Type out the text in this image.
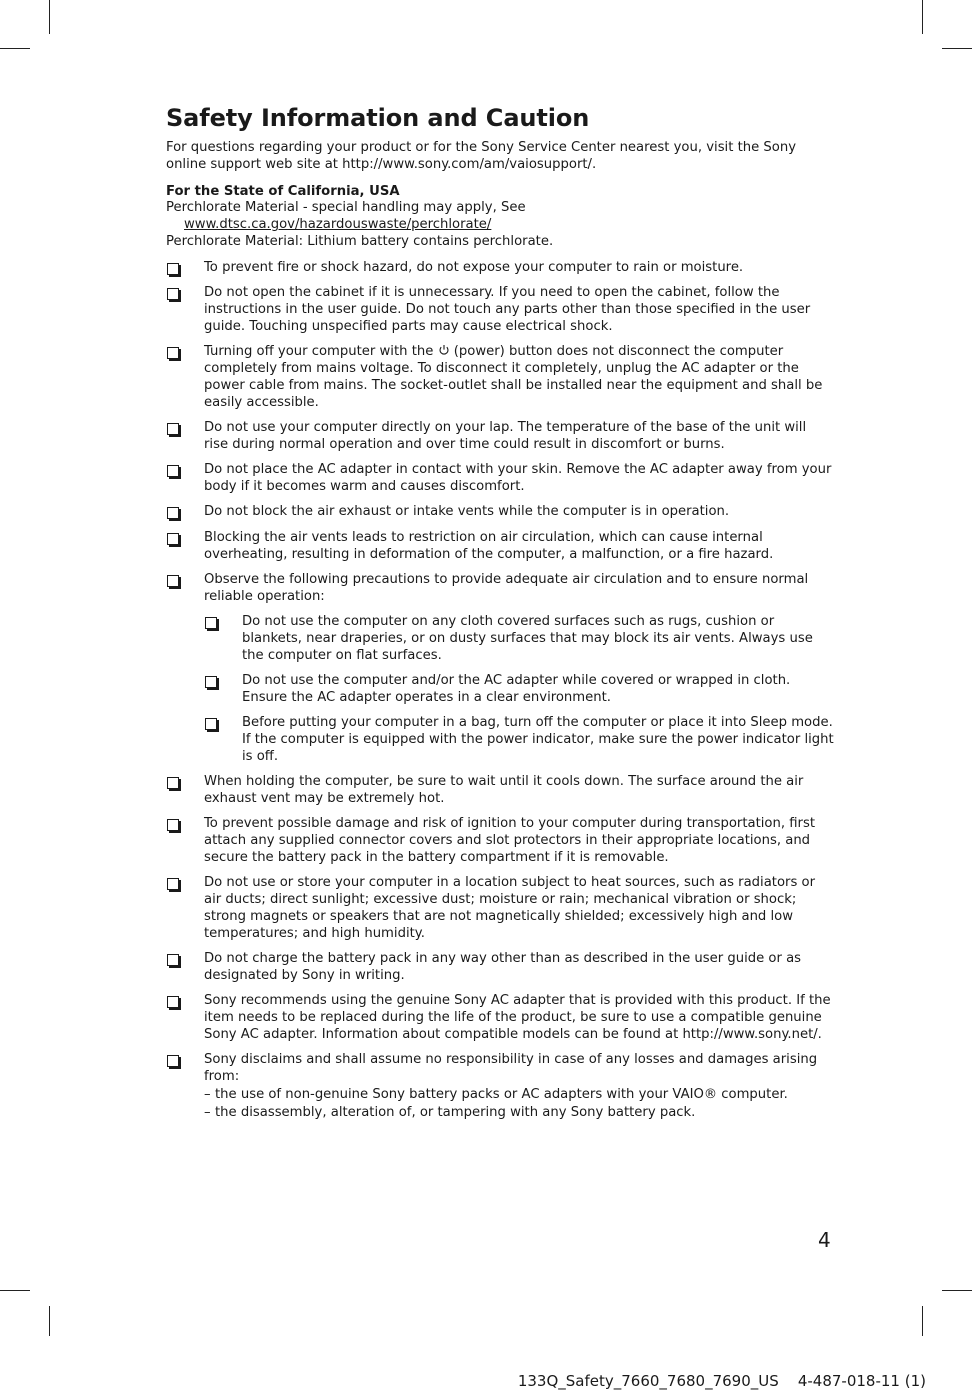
Safety Information and Caution

For questions regarding your product or for the Sony Service Center nearest you, visit the Sony online support web site at http://www.sony.com/am/vaiosupport/.

For the State of California, USA

Perchlorate Material - special handling may apply, See

www.dtsc.ca.gov/hazardouswaste/perchlorate/

Perchlorate Material: Lithium battery contains perchlorate.

To prevent fire or shock hazard, do not expose your computer to rain or moisture.
Do not open the cabinet if it is unnecessary. If you need to open the cabinet, follow the instructions in the user guide. Do not touch any parts other than those specified in the user guide. Touching unspecified parts may cause electrical shock.
Turning off your computer with the (power) button does not disconnect the computer completely from mains voltage. To disconnect it completely, unplug the AC adapter or the power cable from mains. The socket-outlet shall be installed near the equipment and shall be easily accessible.
Do not use your computer directly on your lap. The temperature of the base of the unit will rise during normal operation and over time could result in discomfort or burns.
Do not place the AC adapter in contact with your skin. Remove the AC adapter away from your body if it becomes warm and causes discomfort.
Do not block the air exhaust or intake vents while the computer is in operation.
Blocking the air vents leads to restriction on air circulation, which can cause internal overheating, resulting in deformation of the computer, a malfunction, or a fire hazard.
Observe the following precautions to provide adequate air circulation and to ensure normal reliable operation:
Do not use the computer on any cloth covered surfaces such as rugs, cushion or blankets, near draperies, or on dusty surfaces that may block its air vents. Always use the computer on flat surfaces.
Do not use the computer and/or the AC adapter while covered or wrapped in cloth. Ensure the AC adapter operates in a clear environment.
Before putting your computer in a bag, turn off the computer or place it into Sleep mode. If the computer is equipped with the power indicator, make sure the power indicator light is off.
When holding the computer, be sure to wait until it cools down. The surface around the air exhaust vent may be extremely hot.
To prevent possible damage and risk of ignition to your computer during transportation, first attach any supplied connector covers and slot protectors in their appropriate locations, and secure the battery pack in the battery compartment if it is removable.
Do not use or store your computer in a location subject to heat sources, such as radiators or air ducts; direct sunlight; excessive dust; moisture or rain; mechanical vibration or shock; strong magnets or speakers that are not magnetically shielded; excessively high and low temperatures; and high humidity.
Do not charge the battery pack in any way other than as described in the user guide or as designated by Sony in writing.
Sony recommends using the genuine Sony AC adapter that is provided with this product. If the item needs to be replaced during the life of the product, be sure to use a compatible genuine Sony AC adapter. Information about compatible models can be found at http://www.sony.net/.
Sony disclaims and shall assume no responsibility in case of any losses and damages arising from:
– the use of non-genuine Sony battery packs or AC adapters with your VAIO® computer.
– the disassembly, alteration of, or tampering with any Sony battery pack.
4
133Q_Safety_7660_7680_7690_US    4-487-018-11 (1)
